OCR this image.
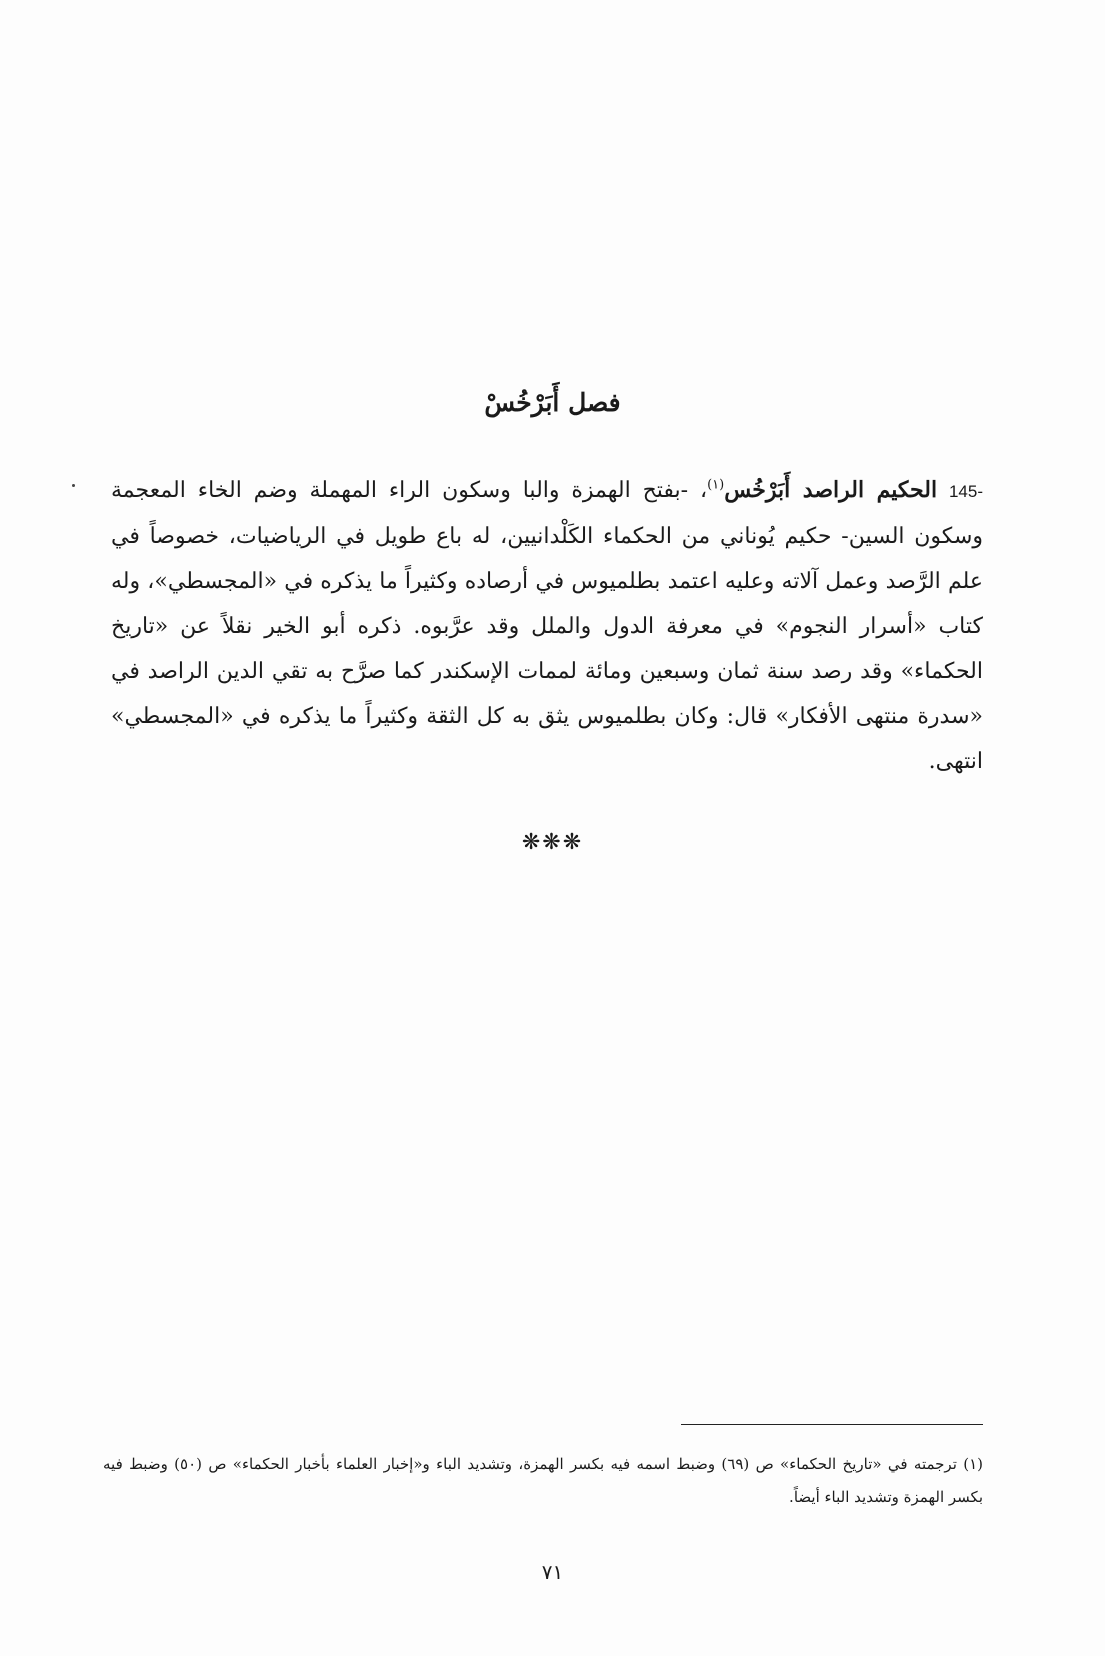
فصل أَبَرْخُسْ

145- الحكيم الراصد أَبَرْخُس$^{(١)}$، -بفتح الهمزة والبا وسكون الراء المهملة وضم الخاء المعجمة وسكون السين- حكيم يُوناني من الحكماء الكَلْدانيين، له باع طويل في الرياضيات، خصوصاً في علم الرَّصد وعمل آلاته وعليه اعتمد بطلميوس في أرصاده وكثيراً ما يذكره في «المجسطي»، وله كتاب «أسرار النجوم» في معرفة الدول والملل وقد عرَّبوه. ذكره أبو الخير نقلاً عن «تاريخ الحكماء» وقد رصد سنة ثمان وسبعين ومائة لممات الإسكندر كما صرَّح به تقي الدين الراصد في «سدرة منتهى الأفكار» قال: وكان بطلميوس يثق به كل الثقة وكثيراً ما يذكره في «المجسطي» انتهى.

❋❋❋

(١) ترجمته في «تاريخ الحكماء» ص (٦٩) وضبط اسمه فيه بكسر الهمزة، وتشديد الباء و«إخبار العلماء بأخبار الحكماء» ص (٥٠) وضبط فيه بكسر الهمزة وتشديد الباء أيضاً.

٧١
